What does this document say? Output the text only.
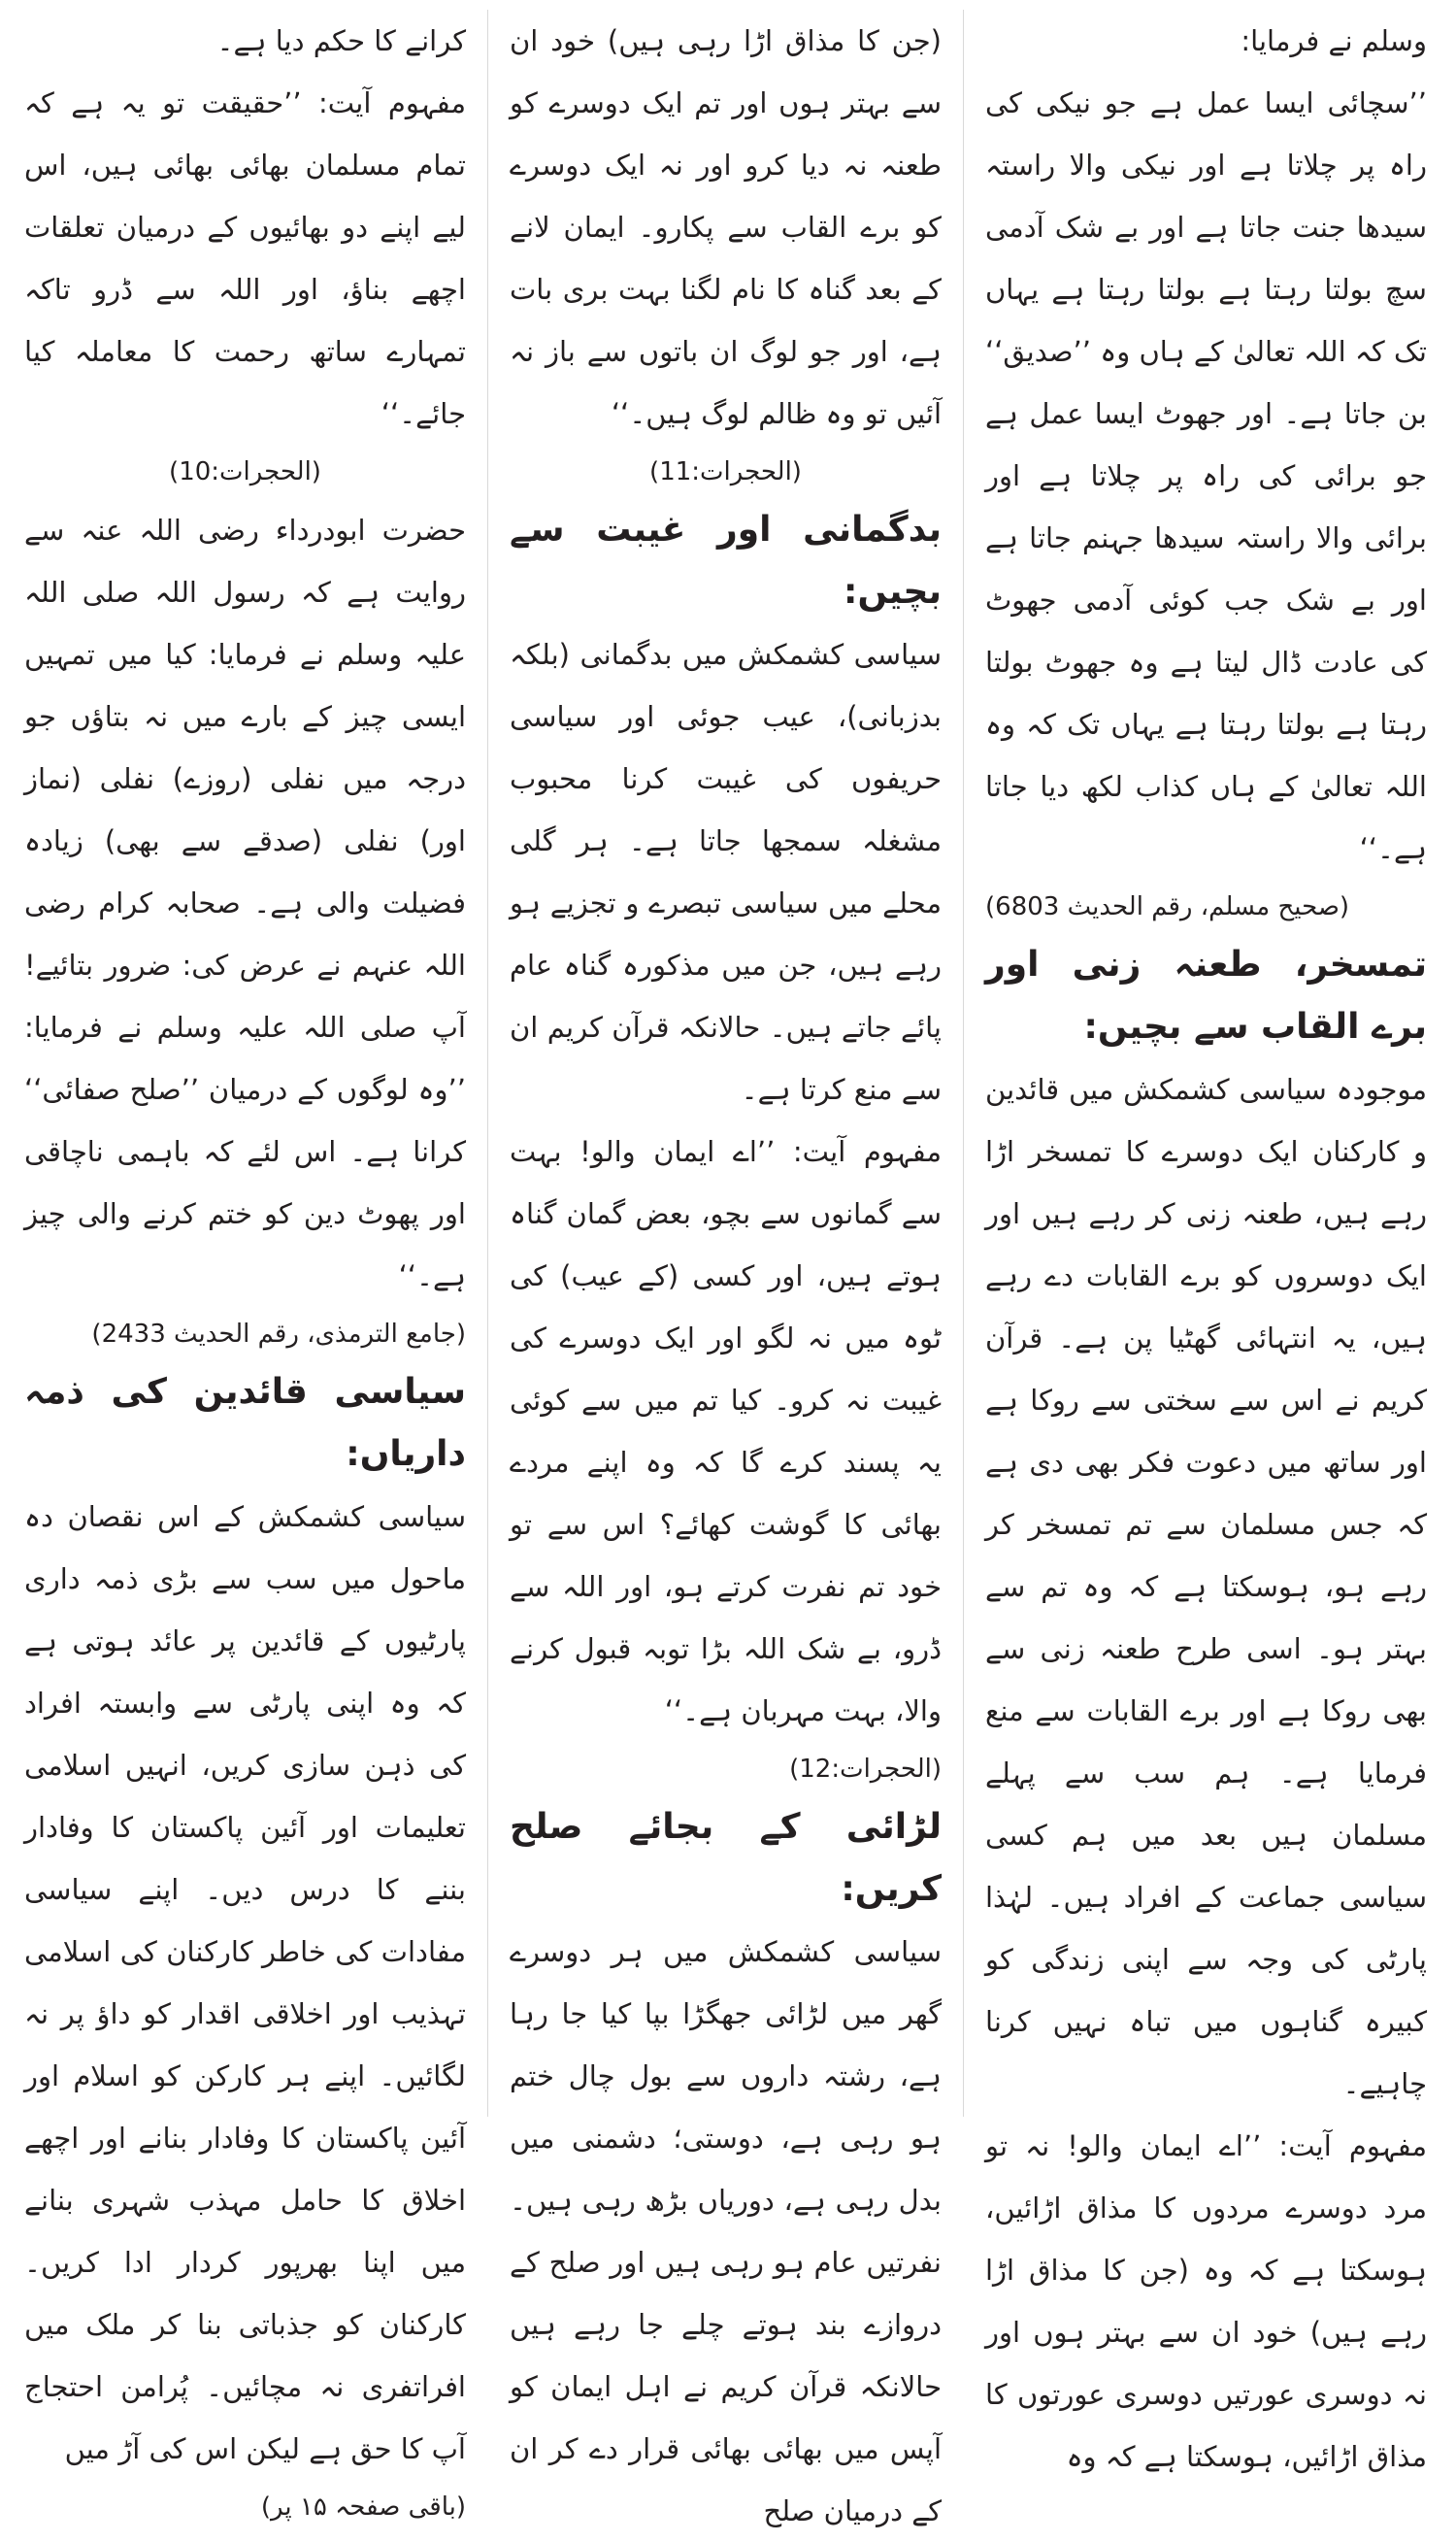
وسلم نے فرمایا:

’’سچائی ایسا عمل ہے جو نیکی کی راہ پر چلاتا ہے اور نیکی والا راستہ سیدھا جنت جاتا ہے اور بے شک آدمی سچ بولتا رہتا ہے بولتا رہتا ہے یہاں تک کہ اللہ تعالیٰ کے ہاں وہ ’’صدیق‘‘ بن جاتا ہے۔ اور جھوٹ ایسا عمل ہے جو برائی کی راہ پر چلاتا ہے اور برائی والا راستہ سیدھا جہنم جاتا ہے اور بے شک جب کوئی آدمی جھوٹ کی عادت ڈال لیتا ہے وہ جھوٹ بولتا رہتا ہے بولتا رہتا ہے یہاں تک کہ وہ اللہ تعالیٰ کے ہاں کذاب لکھ دیا جاتا ہے۔‘‘

(صحیح مسلم، رقم الحدیث 6803)

تمسخر، طعنہ زنی اور برے القاب سے بچیں:

موجودہ سیاسی کشمکش میں قائدین و کارکنان ایک دوسرے کا تمسخر اڑا رہے ہیں، طعنہ زنی کر رہے ہیں اور ایک دوسروں کو برے القابات دے رہے ہیں، یہ انتہائی گھٹیا پن ہے۔ قرآن کریم نے اس سے سختی سے روکا ہے اور ساتھ میں دعوت فکر بھی دی ہے کہ جس مسلمان سے تم تمسخر کر رہے ہو، ہوسکتا ہے کہ وہ تم سے بہتر ہو۔ اسی طرح طعنہ زنی سے بھی روکا ہے اور برے القابات سے منع فرمایا ہے۔ ہم سب سے پہلے مسلمان ہیں بعد میں ہم کسی سیاسی جماعت کے افراد ہیں۔ لہٰذا پارٹی کی وجہ سے اپنی زندگی کو کبیرہ گناہوں میں تباہ نہیں کرنا چاہیے۔

مفہوم آیت: ’’اے ایمان والو! نہ تو مرد دوسرے مردوں کا مذاق اڑائیں، ہوسکتا ہے کہ وہ (جن کا مذاق اڑا رہے ہیں) خود ان سے بہتر ہوں اور نہ دوسری عورتیں دوسری عورتوں کا مذاق اڑائیں، ہوسکتا ہے کہ وہ

(جن کا مذاق اڑا رہی ہیں) خود ان سے بہتر ہوں اور تم ایک دوسرے کو طعنہ نہ دیا کرو اور نہ ایک دوسرے کو برے القاب سے پکارو۔ ایمان لانے کے بعد گناہ کا نام لگنا بہت بری بات ہے، اور جو لوگ ان باتوں سے باز نہ آئیں تو وہ ظالم لوگ ہیں۔‘‘

(الحجرات:11)

بدگمانی اور غیبت سے بچیں:

سیاسی کشمکش میں بدگمانی (بلکہ بدزبانی)، عیب جوئی اور سیاسی حریفوں کی غیبت کرنا محبوب مشغلہ سمجھا جاتا ہے۔ ہر گلی محلے میں سیاسی تبصرے و تجزیے ہو رہے ہیں، جن میں مذکورہ گناہ عام پائے جاتے ہیں۔ حالانکہ قرآن کریم ان سے منع کرتا ہے۔

مفہوم آیت: ’’اے ایمان والو! بہت سے گمانوں سے بچو، بعض گمان گناہ ہوتے ہیں، اور کسی (کے عیب) کی ٹوہ میں نہ لگو اور ایک دوسرے کی غیبت نہ کرو۔ کیا تم میں سے کوئی یہ پسند کرے گا کہ وہ اپنے مردے بھائی کا گوشت کھائے؟ اس سے تو خود تم نفرت کرتے ہو، اور اللہ سے ڈرو، بے شک اللہ بڑا توبہ قبول کرنے والا، بہت مہربان ہے۔‘‘

(الحجرات:12)

لڑائی کے بجائے صلح کریں:

سیاسی کشمکش میں ہر دوسرے گھر میں لڑائی جھگڑا بپا کیا جا رہا ہے، رشتہ داروں سے بول چال ختم ہو رہی ہے، دوستی؛ دشمنی میں بدل رہی ہے، دوریاں بڑھ رہی ہیں۔ نفرتیں عام ہو رہی ہیں اور صلح کے دروازے بند ہوتے چلے جا رہے ہیں حالانکہ قرآن کریم نے اہل ایمان کو آپس میں بھائی بھائی قرار دے کر ان کے درمیان صلح

کرانے کا حکم دیا ہے۔

مفہوم آیت: ’’حقیقت تو یہ ہے کہ تمام مسلمان بھائی بھائی ہیں، اس لیے اپنے دو بھائیوں کے درمیان تعلقات اچھے بناؤ، اور اللہ سے ڈرو تاکہ تمہارے ساتھ رحمت کا معاملہ کیا جائے۔‘‘

(الحجرات:10)

حضرت ابودرداء رضی اللہ عنہ سے روایت ہے کہ رسول اللہ صلی اللہ علیہ وسلم نے فرمایا: کیا میں تمہیں ایسی چیز کے بارے میں نہ بتاؤں جو درجہ میں نفلی (روزے) نفلی (نماز اور) نفلی (صدقے سے بھی) زیادہ فضیلت والی ہے۔ صحابہ کرام رضی اللہ عنہم نے عرض کی: ضرور بتائیے! آپ صلی اللہ علیہ وسلم نے فرمایا: ’’وہ لوگوں کے درمیان ’’صلح صفائی‘‘ کرانا ہے۔ اس لئے کہ باہمی ناچاقی اور پھوٹ دین کو ختم کرنے والی چیز ہے۔‘‘

(جامع الترمذی، رقم الحدیث 2433)

سیاسی قائدین کی ذمہ داریاں:

سیاسی کشمکش کے اس نقصان دہ ماحول میں سب سے بڑی ذمہ داری پارٹیوں کے قائدین پر عائد ہوتی ہے کہ وہ اپنی پارٹی سے وابستہ افراد کی ذہن سازی کریں، انہیں اسلامی تعلیمات اور آئین پاکستان کا وفادار بننے کا درس دیں۔ اپنے سیاسی مفادات کی خاطر کارکنان کی اسلامی تہذیب اور اخلاقی اقدار کو داؤ پر نہ لگائیں۔ اپنے ہر کارکن کو اسلام اور آئین پاکستان کا وفادار بنانے اور اچھے اخلاق کا حامل مہذب شہری بنانے میں اپنا بھرپور کردار ادا کریں۔ کارکنان کو جذباتی بنا کر ملک میں افراتفری نہ مچائیں۔ پُرامن احتجاج آپ کا حق ہے لیکن اس کی آڑ میں

(باقی صفحہ ۱۵ پر)
